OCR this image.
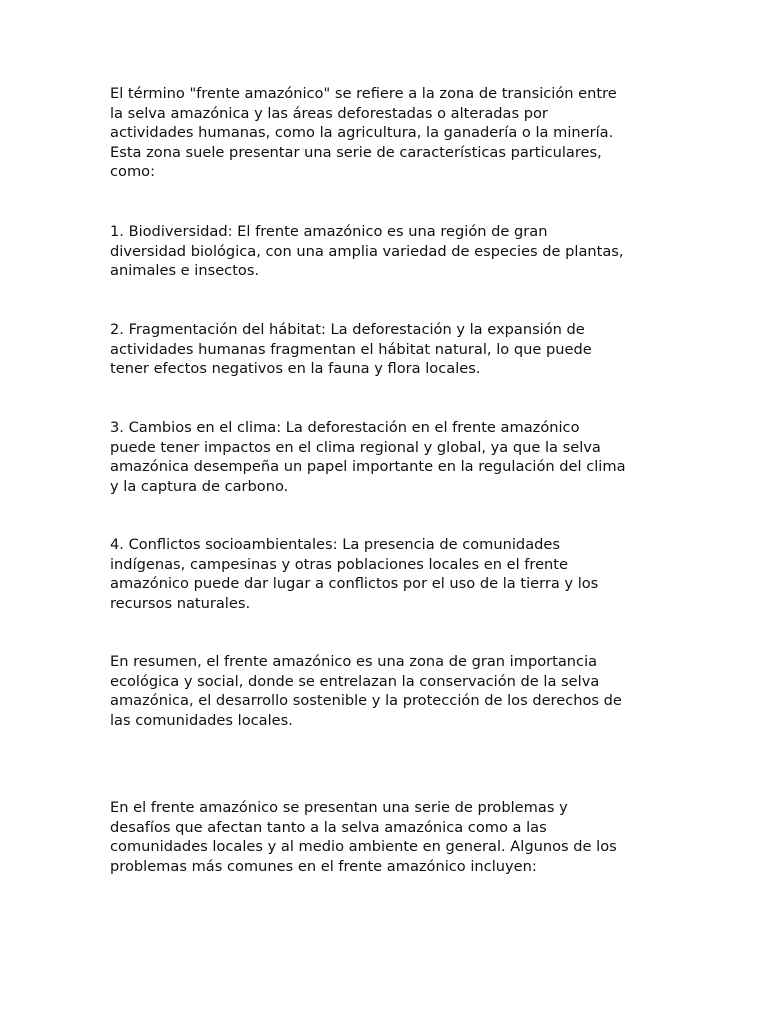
El término "frente amazónico" se refiere a la zona de transición entre
la selva amazónica y las áreas deforestadas o alteradas por
actividades humanas, como la agricultura, la ganadería o la minería.
Esta zona suele presentar una serie de características particulares,
como:

1. Biodiversidad: El frente amazónico es una región de gran
diversidad biológica, con una amplia variedad de especies de plantas,
animales e insectos.

2. Fragmentación del hábitat: La deforestación y la expansión de
actividades humanas fragmentan el hábitat natural, lo que puede
tener efectos negativos en la fauna y flora locales.

3. Cambios en el clima: La deforestación en el frente amazónico
puede tener impactos en el clima regional y global, ya que la selva
amazónica desempeña un papel importante en la regulación del clima
y la captura de carbono.

4. Conflictos socioambientales: La presencia de comunidades
indígenas, campesinas y otras poblaciones locales en el frente
amazónico puede dar lugar a conflictos por el uso de la tierra y los
recursos naturales.

En resumen, el frente amazónico es una zona de gran importancia
ecológica y social, donde se entrelazan la conservación de la selva
amazónica, el desarrollo sostenible y la protección de los derechos de
las comunidades locales.

En el frente amazónico se presentan una serie de problemas y
desafíos que afectan tanto a la selva amazónica como a las
comunidades locales y al medio ambiente en general. Algunos de los
problemas más comunes en el frente amazónico incluyen:
